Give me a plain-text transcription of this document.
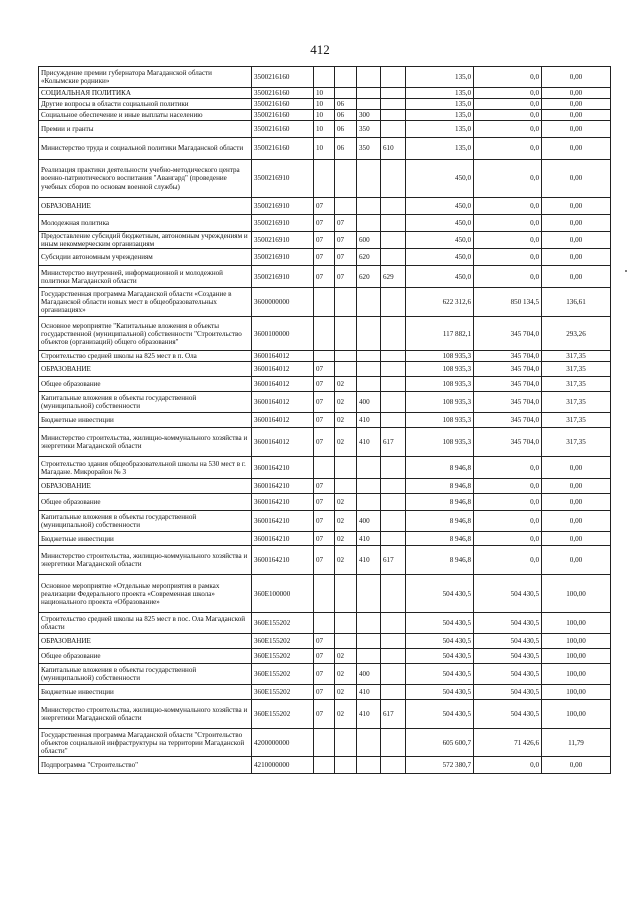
412
Присуждение премии губернатора Магаданской области «Колымские родники»	3500216160					135,0	0,0	0,00
СОЦИАЛЬНАЯ ПОЛИТИКА	3500216160	10				135,0	0,0	0,00
Другие вопросы в области социальной политики	3500216160	10	06			135,0	0,0	0,00
Социальное обеспечение и иные выплаты населению	3500216160	10	06	300		135,0	0,0	0,00
Премии и гранты	3500216160	10	06	350		135,0	0,0	0,00
Министерство труда и социальной политики Магаданской области	3500216160	10	06	350	610	135,0	0,0	0,00
Реализация практики деятельности учебно-методического центра военно-патриотического воспитания "Авангард" (проведение учебных сборов по основам военной службы)	3500216910					450,0	0,0	0,00
ОБРАЗОВАНИЕ	3500216910	07				450,0	0,0	0,00
Молодежная политика	3500216910	07	07			450,0	0,0	0,00
Предоставление субсидий бюджетным, автономным учреждениям и иным некоммерческим организациям	3500216910	07	07	600		450,0	0,0	0,00
Субсидии автономным учреждениям	3500216910	07	07	620		450,0	0,0	0,00
Министерство внутренней, информационной и молодежной политики Магаданской области	3500216910	07	07	620	629	450,0	0,0	0,00
Государственная программа Магаданской области «Создание в Магаданской области новых мест в общеобразовательных организациях»	3600000000					622 312,6	850 134,5	136,61
Основное мероприятие "Капитальные вложения в объекты государственной (муниципальной) собственности "Строительство объектов (организаций) общего образования"	3600100000					117 882,1	345 704,0	293,26
Строительство средней школы на 825 мест в п. Ола	3600164012					108 935,3	345 704,0	317,35
ОБРАЗОВАНИЕ	3600164012	07				108 935,3	345 704,0	317,35
Общее образование	3600164012	07	02			108 935,3	345 704,0	317,35
Капитальные вложения в объекты государственной (муниципальной) собственности	3600164012	07	02	400		108 935,3	345 704,0	317,35
Бюджетные инвестиции	3600164012	07	02	410		108 935,3	345 704,0	317,35
Министерство строительства, жилищно-коммунального хозяйства и энергетики Магаданской области	3600164012	07	02	410	617	108 935,3	345 704,0	317,35
Строительство здания общеобразовательной школы на 530 мест в г. Магадане. Микрорайон № 3	3600164210					8 946,8	0,0	0,00
ОБРАЗОВАНИЕ	3600164210	07				8 946,8	0,0	0,00
Общее образование	3600164210	07	02			8 946,8	0,0	0,00
Капитальные вложения в объекты государственной (муниципальной) собственности	3600164210	07	02	400		8 946,8	0,0	0,00
Бюджетные инвестиции	3600164210	07	02	410		8 946,8	0,0	0,00
Министерство строительства, жилищно-коммунального хозяйства и энергетики Магаданской области	3600164210	07	02	410	617	8 946,8	0,0	0,00
Основное мероприятие «Отдельные мероприятия в рамках реализации Федерального проекта «Современная школа» национального проекта «Образование»	360E100000					504 430,5	504 430,5	100,00
Строительство средней школы на 825 мест в пос. Ола Магаданской области	360E155202					504 430,5	504 430,5	100,00
ОБРАЗОВАНИЕ	360E155202	07				504 430,5	504 430,5	100,00
Общее образование	360E155202	07	02			504 430,5	504 430,5	100,00
Капитальные вложения в объекты государственной (муниципальной) собственности	360E155202	07	02	400		504 430,5	504 430,5	100,00
Бюджетные инвестиции	360E155202	07	02	410		504 430,5	504 430,5	100,00
Министерство строительства, жилищно-коммунального хозяйства и энергетики Магаданской области	360E155202	07	02	410	617	504 430,5	504 430,5	100,00
Государственная программа Магаданской области "Строительство объектов социальной инфраструктуры на территории Магаданской области"	4200000000					605 600,7	71 426,6	11,79
Подпрограмма "Строительство"	4210000000					572 380,7	0,0	0,00
